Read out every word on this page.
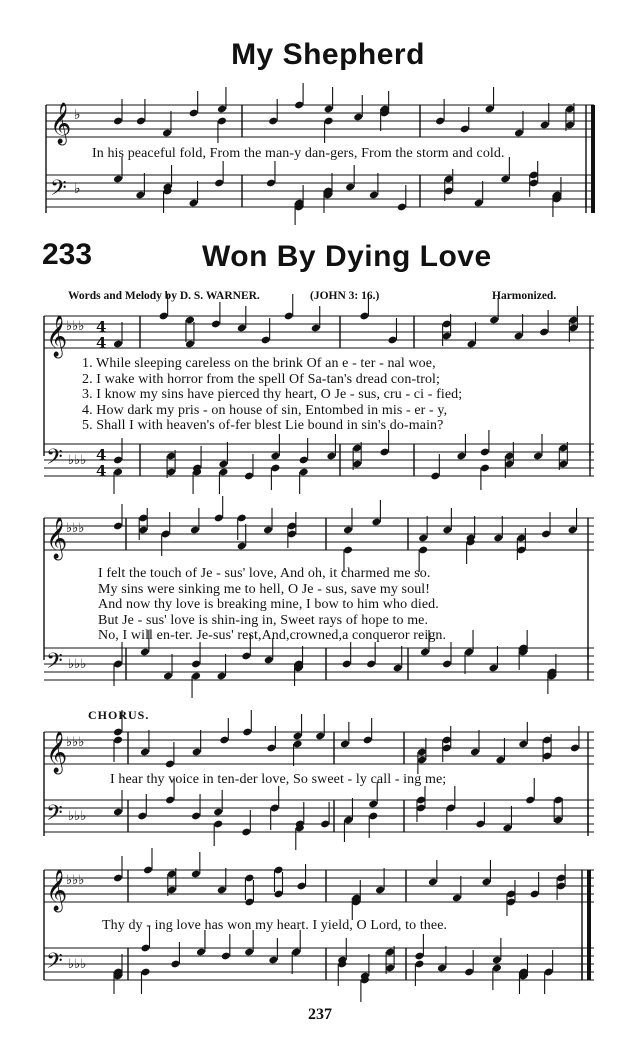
My Shepherd
𝄞 ♭
In his peaceful fold, From the man-y dan-gers, From the storm and cold.
𝄢 ♭
233	Won By Dying Love
Words and Melody by D. S. WARNER.	(JOHN 3: 16.)	Harmonized.
𝄞
♭♭♭ 4
4
1. While sleeping careless on the brink Of an e - ter - nal woe,
2. I wake with horror from the spell Of Sa-tan's dread con-trol;
3. I know my sins have pierced thy heart, O Je - sus, cru - ci - fied;
4. How dark my pris - on house of sin, Entombed in mis - er - y,
5. Shall I with heaven's of-fer blest Lie bound in sin's do-main?
𝄢 ♭♭♭ 4
4
𝄞
♭♭♭
I felt the touch of Je - sus' love, And oh, it charmed me so.
My sins were sinking me to hell, O Je - sus, save my soul!
And now thy love is breaking mine, I bow to him who died.
But Je - sus' love is shin-ing in, Sweet rays of hope to me.
No, I will en-ter. Je-sus' rest,And,crowned,a conqueror reign.
𝄢 ♭♭♭
CHORUS.
𝄞
♭♭♭
I hear thy voice in ten-der love, So sweet - ly call - ing me;
𝄢 ♭♭♭
𝄞
♭♭♭
Thy dy - ing love has won my heart. I yield, O Lord, to thee.
𝄢 ♭♭♭
237
